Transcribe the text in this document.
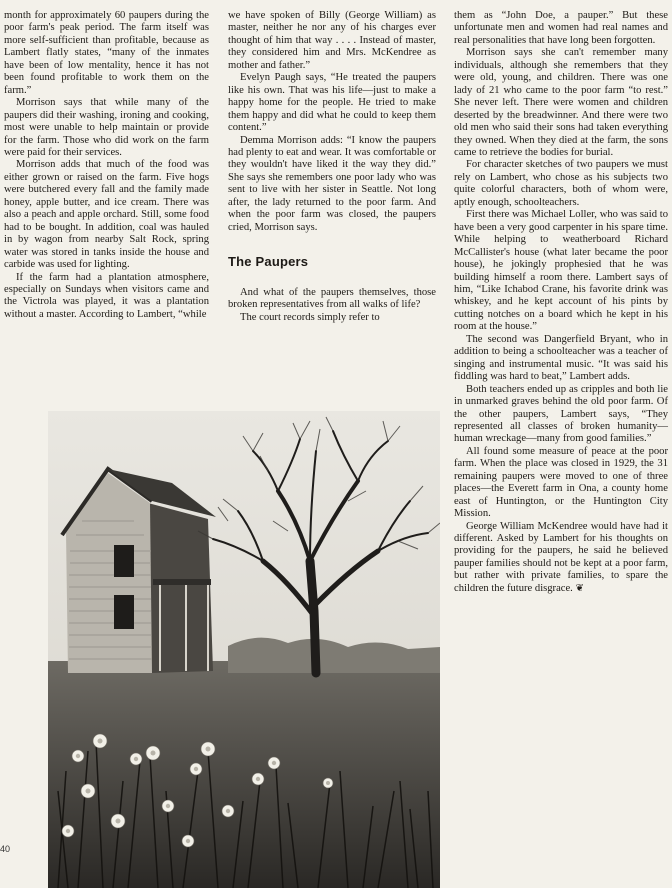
month for approximately 60 paupers during the poor farm's peak period. The farm itself was more self-sufficient than profitable, because as Lambert flatly states, “many of the inmates have been of low mentality, hence it has not been found profitable to work them on the farm.”

Morrison says that while many of the paupers did their washing, ironing and cooking, most were unable to help maintain or provide for the farm. Those who did work on the farm were paid for their services.

Morrison adds that much of the food was either grown or raised on the farm. Five hogs were butchered every fall and the family made honey, apple butter, and ice cream. There was also a peach and apple orchard. Still, some food had to be bought. In addition, coal was hauled in by wagon from nearby Salt Rock, spring water was stored in tanks inside the house and carbide was used for lighting.

If the farm had a plantation atmosphere, especially on Sundays when visitors came and the Victrola was played, it was a plantation without a master. According to Lambert, “while

we have spoken of Billy (George William) as master, neither he nor any of his charges ever thought of him that way . . . . Instead of master, they considered him and Mrs. McKendree as mother and father.”

Evelyn Paugh says, “He treated the paupers like his own. That was his life—just to make a happy home for the people. He tried to make them happy and did what he could to keep them content.”

Demma Morrison adds: “I know the paupers had plenty to eat and wear. It was comfortable or they wouldn't have liked it the way they did.” She says she remembers one poor lady who was sent to live with her sister in Seattle. Not long after, the lady returned to the poor farm. And when the poor farm was closed, the paupers cried, Morrison says.

The Paupers

And what of the paupers themselves, those broken representatives from all walks of life?

The court records simply refer to

them as “John Doe, a pauper.” But these unfortunate men and women had real names and real personalities that have long been forgotten.

Morrison says she can't remember many individuals, although she remembers that they were old, young, and children. There was one lady of 21 who came to the poor farm “to rest.” She never left. There were women and children deserted by the breadwinner. And there were two old men who said their sons had taken everything they owned. When they died at the farm, the sons came to retrieve the bodies for burial.

For character sketches of two paupers we must rely on Lambert, who chose as his subjects two quite colorful characters, both of whom were, aptly enough, schoolteachers.

First there was Michael Loller, who was said to have been a very good carpenter in his spare time. While helping to weatherboard Richard McCallister's house (what later became the poor house), he jokingly prophesied that he was building himself a room there. Lambert says of him, “Like Ichabod Crane, his favorite drink was whiskey, and he kept account of his pints by cutting notches on a board which he kept in his room at the house.”

The second was Dangerfield Bryant, who in addition to being a schoolteacher was a teacher of singing and instrumental music. “It was said his fiddling was hard to beat,” Lambert adds.

Both teachers ended up as cripples and both lie in unmarked graves behind the old poor farm. Of the other paupers, Lambert says, “They represented all classes of broken humanity—human wreckage—many from good families.”

All found some measure of peace at the poor farm. When the place was closed in 1929, the 31 remaining paupers were moved to one of three places—the Everett farm in Ona, a county home east of Huntington, or the Huntington City Mission.

George William McKendree would have had it different. Asked by Lambert for his thoughts on providing for the paupers, he said he believed pauper families should not be kept at a poor farm, but rather with private families, to spare the children the future disgrace. ❦

40
